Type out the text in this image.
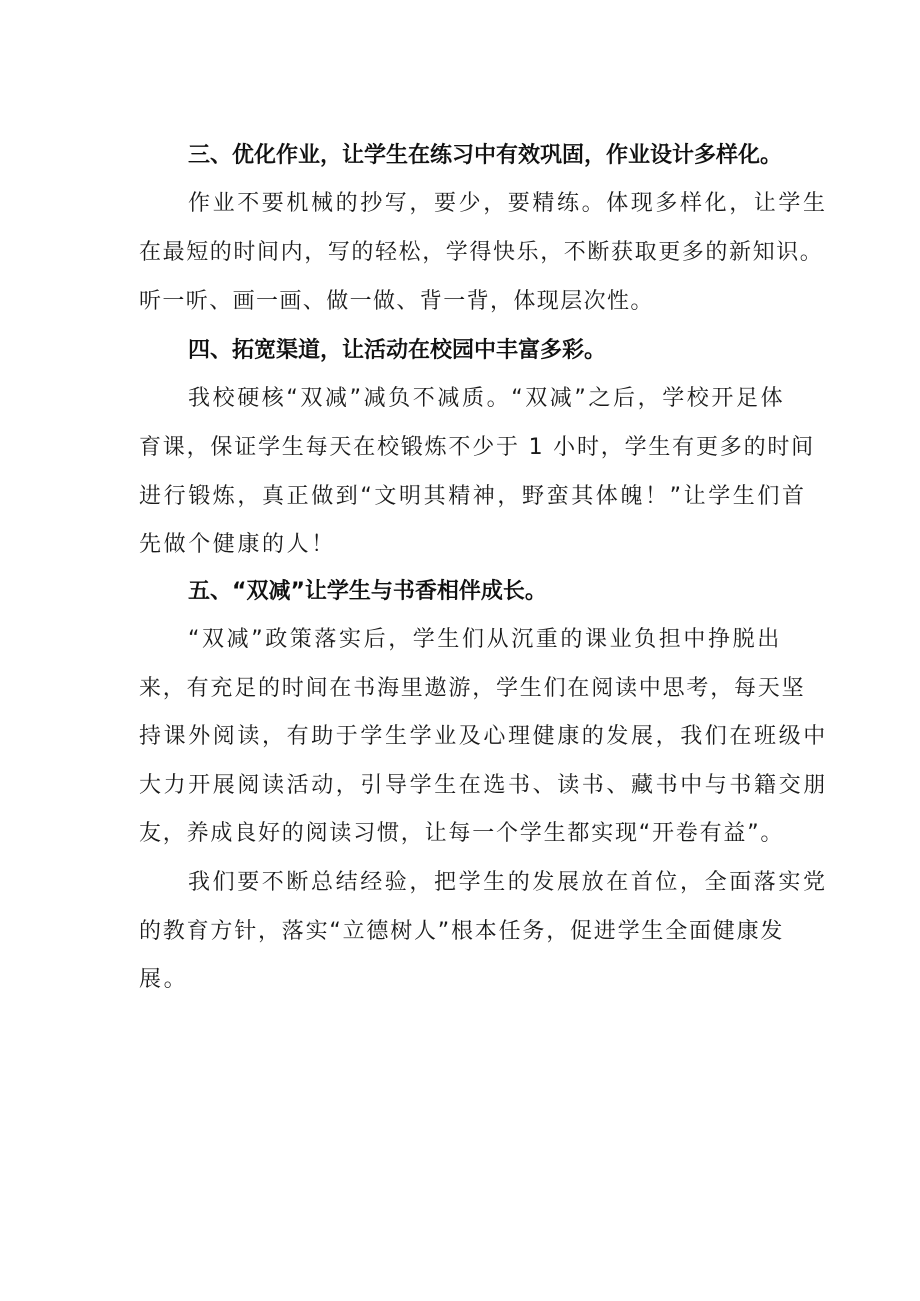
三、优化作业，让学生在练习中有效巩固，作业设计多样化。
作业不要机械的抄写，要少，要精练。体现多样化，让学生
在最短的时间内，写的轻松，学得快乐，不断获取更多的新知识。
听一听、画一画、做一做、背一背，体现层次性。
四、拓宽渠道，让活动在校园中丰富多彩。
我校硬核“双减”减负不减质。“双减”之后，学校开足体
育课，保证学生每天在校锻炼不少于 1 小时，学生有更多的时间
进行锻炼，真正做到“文明其精神，野蛮其体魄！”让学生们首
先做个健康的人！
五、“双减”让学生与书香相伴成长。
“双减”政策落实后，学生们从沉重的课业负担中挣脱出
来，有充足的时间在书海里遨游，学生们在阅读中思考，每天坚
持课外阅读，有助于学生学业及心理健康的发展，我们在班级中
大力开展阅读活动，引导学生在选书、读书、藏书中与书籍交朋
友，养成良好的阅读习惯，让每一个学生都实现“开卷有益”。
我们要不断总结经验，把学生的发展放在首位，全面落实党
的教育方针，落实“立德树人”根本任务，促进学生全面健康发
展。
